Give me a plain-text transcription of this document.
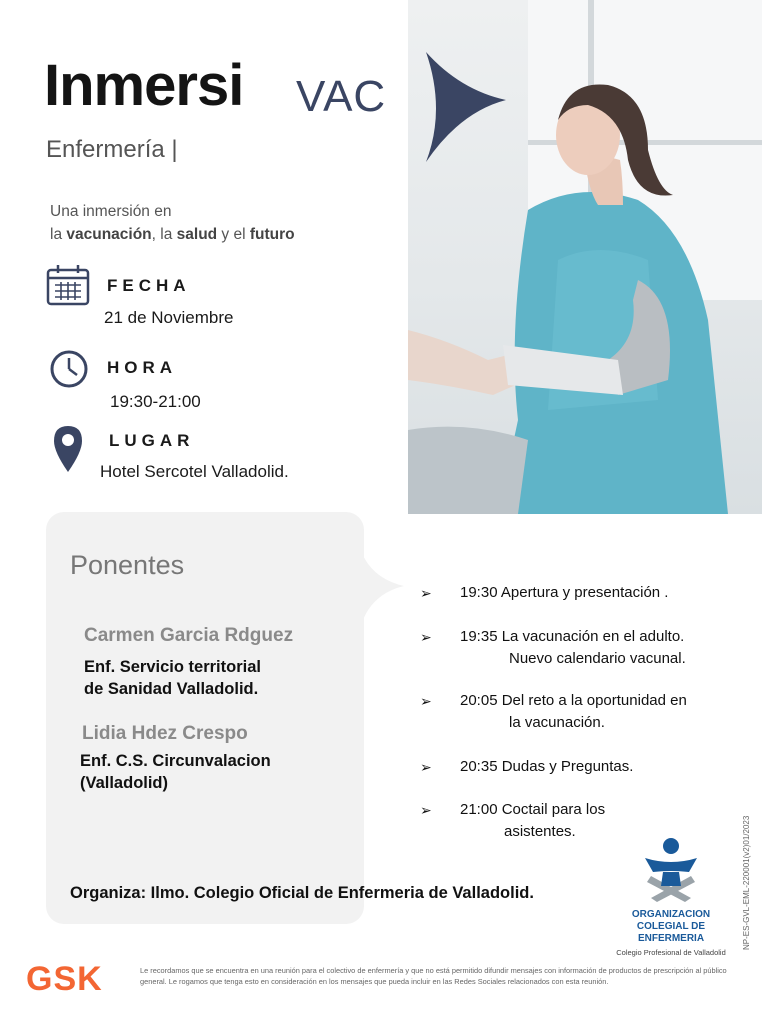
Inmersi VAC
Enfermería |
Una inmersión en
la vacunación, la salud y el futuro
FECHA
21 de Noviembre
HORA
19:30-21:00
LUGAR
Hotel Sercotel Valladolid.
Ponentes
Carmen Garcia Rdguez
Enf. Servicio territorial
de Sanidad Valladolid.
Lidia Hdez Crespo
Enf. C.S. Circunvalacion
(Valladolid)
➢ 19:30 Apertura y presentación .
➢ 19:35 La vacunación en el adulto.
Nuevo calendario vacunal.
➢ 20:05 Del reto a la oportunidad en
la vacunación.
➢ 20:35 Dudas y Preguntas.
➢ 21:00 Coctail para los
asistentes.
Organiza: Ilmo. Colegio Oficial de Enfermeria de Valladolid.
ORGANIZACION
COLEGIAL DE ENFERMERIA
Colegio Profesional de Valladolid
NP-ES-GVL-EML-220001(v2)01/2023
GSK	Le recordamos que se encuentra en una reunión para el colectivo de enfermería y que no está permitido difundir mensajes con información de productos de prescripción al público general. Le rogamos que tenga esto en consideración en los mensajes que pueda incluir en las Redes Sociales relacionados con esta reunión.
